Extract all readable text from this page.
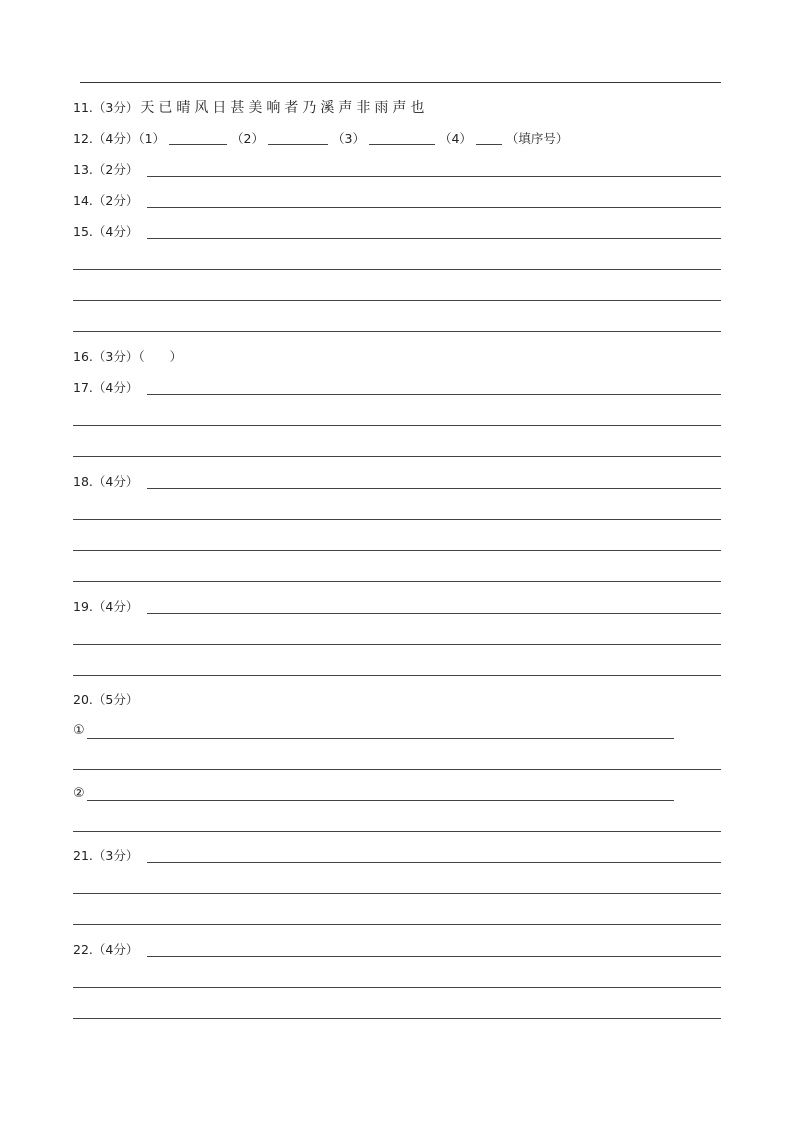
11.（3分） 天已晴风日甚美响者乃溪声非雨声也
12.（4分）（1）	（2）	（3）	（4）	（填序号）
13.（2分）
14.（2分）
15.（4分）
16.（3分）（　　）
17.（4分）
18.（4分）
19.（4分）
20.（5分）
①
②
21.（3分）
22.（4分）
